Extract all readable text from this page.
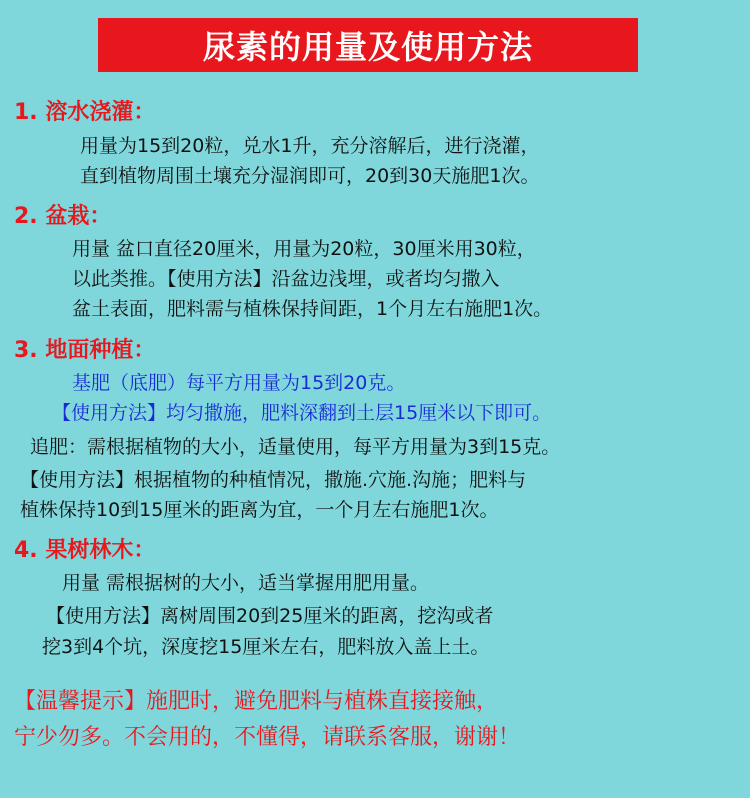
尿素的用量及使用方法
1. 溶水浇灌：
用量为15到20粒，兑水1升，充分溶解后，进行浇灌，
直到植物周围土壤充分湿润即可，20到30天施肥1次。
2. 盆栽：
用量 盆口直径20厘米，用量为20粒，30厘米用30粒，
以此类推。【使用方法】沿盆边浅埋，或者均匀撒入
盆土表面，肥料需与植株保持间距，1个月左右施肥1次。
3. 地面种植：
基肥（底肥）每平方用量为15到20克。
【使用方法】均匀撒施，肥料深翻到土层15厘米以下即可。
追肥：需根据植物的大小，适量使用，每平方用量为3到15克。
【使用方法】根据植物的种植情况，撒施.穴施.沟施；肥料与
植株保持10到15厘米的距离为宜，一个月左右施肥1次。
4. 果树林木：
用量 需根据树的大小，适当掌握用肥用量。
【使用方法】离树周围20到25厘米的距离，挖沟或者
挖3到4个坑，深度挖15厘米左右，肥料放入盖上土。
【温馨提示】施肥时，避免肥料与植株直接接触，
宁少勿多。不会用的，不懂得，请联系客服，谢谢！
